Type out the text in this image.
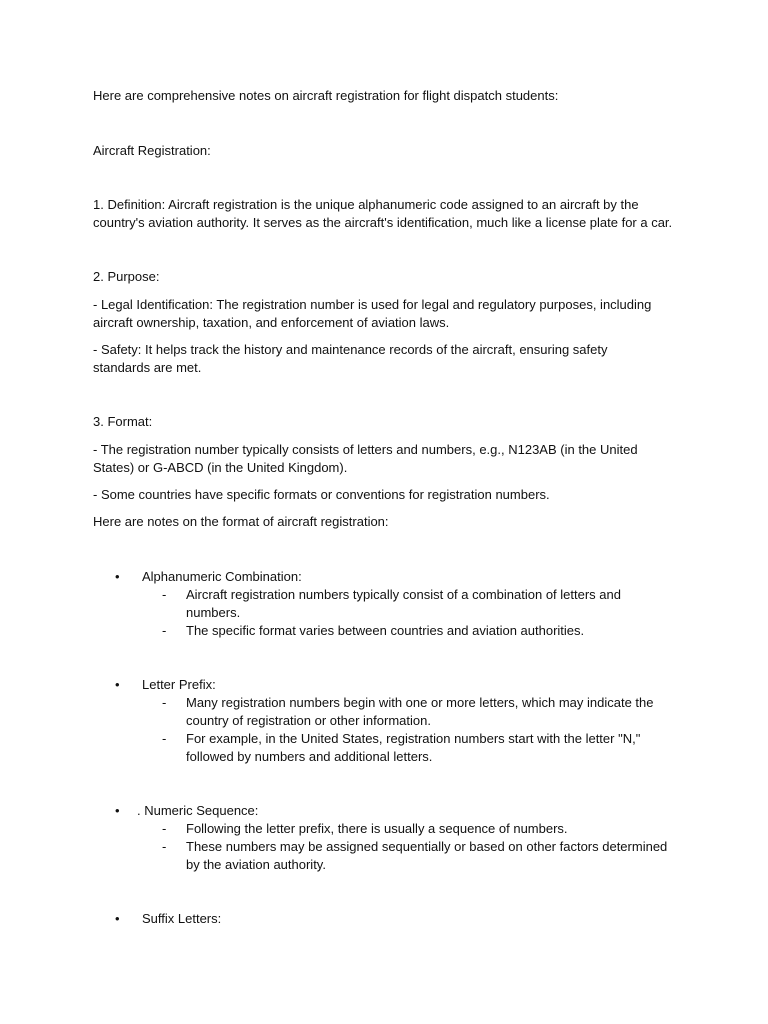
Here are comprehensive notes on aircraft registration for flight dispatch students:
Aircraft Registration:
1. Definition: Aircraft registration is the unique alphanumeric code assigned to an aircraft by the
country's aviation authority. It serves as the aircraft's identification, much like a license plate for a car.
2. Purpose:
- Legal Identification: The registration number is used for legal and regulatory purposes, including
aircraft ownership, taxation, and enforcement of aviation laws.
- Safety: It helps track the history and maintenance records of the aircraft, ensuring safety
standards are met.
3. Format:
- The registration number typically consists of letters and numbers, e.g., N123AB (in the United
States) or G-ABCD (in the United Kingdom).
- Some countries have specific formats or conventions for registration numbers.
Here are notes on the format of aircraft registration:
• Alphanumeric Combination:
- Aircraft registration numbers typically consist of a combination of letters and
numbers.
- The specific format varies between countries and aviation authorities.
• Letter Prefix:
- Many registration numbers begin with one or more letters, which may indicate the
country of registration or other information.
- For example, in the United States, registration numbers start with the letter "N,"
followed by numbers and additional letters.
• . Numeric Sequence:
- Following the letter prefix, there is usually a sequence of numbers.
- These numbers may be assigned sequentially or based on other factors determined
by the aviation authority.
• Suffix Letters:
